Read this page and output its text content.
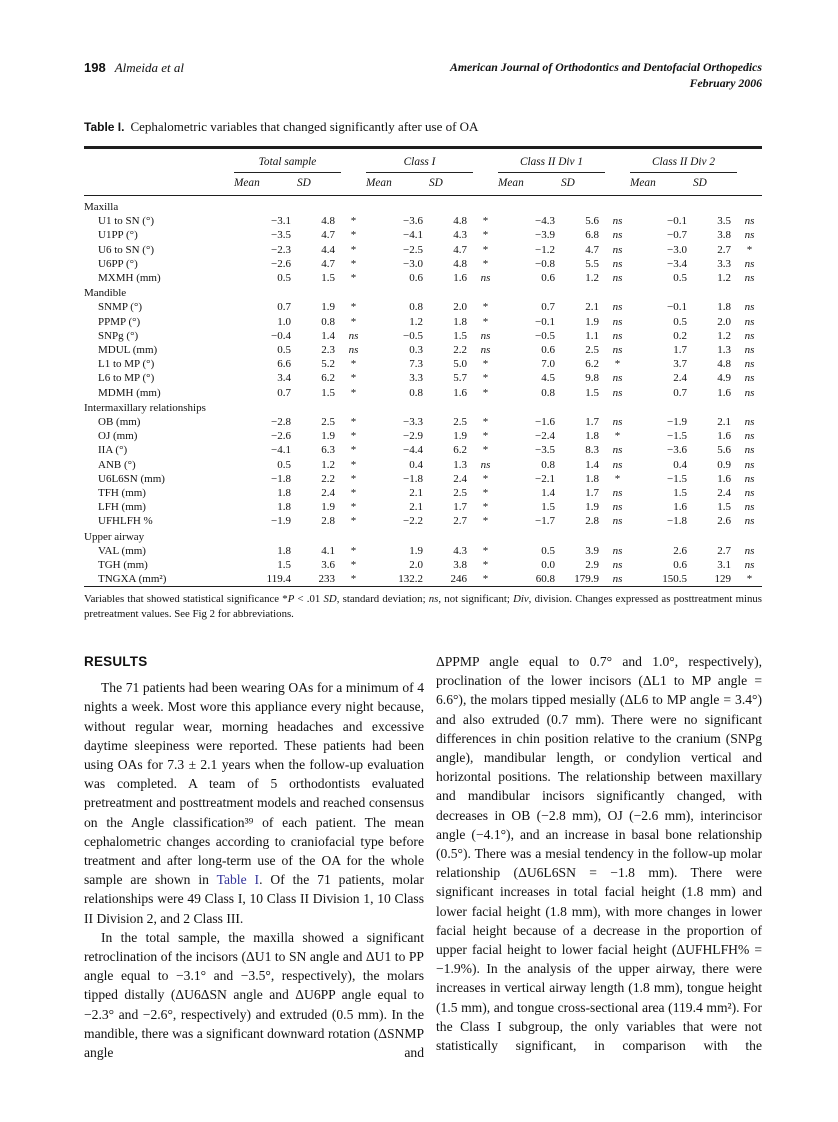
198 Almeida et al	American Journal of Orthodontics and Dentofacial Orthopedics
February 2006
Table I. Cephalometric variables that changed significantly after use of OA
Total sample	Class I	Class II Div 1	Class II Div 2
Mean	SD	Mean	SD	Mean	SD	Mean	SD
Maxilla
U1 to SN (°)	−3.1	4.8	*	−3.6	4.8	*	−4.3	5.6	ns	−0.1	3.5	ns
U1PP (°)	−3.5	4.7	*	−4.1	4.3	*	−3.9	6.8	ns	−0.7	3.8	ns
U6 to SN (°)	−2.3	4.4	*	−2.5	4.7	*	−1.2	4.7	ns	−3.0	2.7	*
U6PP (°)	−2.6	4.7	*	−3.0	4.8	*	−0.8	5.5	ns	−3.4	3.3	ns
MXMH (mm)	0.5	1.5	*	0.6	1.6	ns	0.6	1.2	ns	0.5	1.2	ns
Mandible
SNMP (°)	0.7	1.9	*	0.8	2.0	*	0.7	2.1	ns	−0.1	1.8	ns
PPMP (°)	1.0	0.8	*	1.2	1.8	*	−0.1	1.9	ns	0.5	2.0	ns
SNPg (°)	−0.4	1.4	ns	−0.5	1.5	ns	−0.5	1.1	ns	0.2	1.2	ns
MDUL (mm)	0.5	2.3	ns	0.3	2.2	ns	0.6	2.5	ns	1.7	1.3	ns
L1 to MP (°)	6.6	5.2	*	7.3	5.0	*	7.0	6.2	*	3.7	4.8	ns
L6 to MP (°)	3.4	6.2	*	3.3	5.7	*	4.5	9.8	ns	2.4	4.9	ns
MDMH (mm)	0.7	1.5	*	0.8	1.6	*	0.8	1.5	ns	0.7	1.6	ns
Intermaxillary relationships
OB (mm)	−2.8	2.5	*	−3.3	2.5	*	−1.6	1.7	ns	−1.9	2.1	ns
OJ (mm)	−2.6	1.9	*	−2.9	1.9	*	−2.4	1.8	*	−1.5	1.6	ns
IIA (°)	−4.1	6.3	*	−4.4	6.2	*	−3.5	8.3	ns	−3.6	5.6	ns
ANB (°)	0.5	1.2	*	0.4	1.3	ns	0.8	1.4	ns	0.4	0.9	ns
U6L6SN (mm)	−1.8	2.2	*	−1.8	2.4	*	−2.1	1.8	*	−1.5	1.6	ns
TFH (mm)	1.8	2.4	*	2.1	2.5	*	1.4	1.7	ns	1.5	2.4	ns
LFH (mm)	1.8	1.9	*	2.1	1.7	*	1.5	1.9	ns	1.6	1.5	ns
UFHLFH %	−1.9	2.8	*	−2.2	2.7	*	−1.7	2.8	ns	−1.8	2.6	ns
Upper airway
VAL (mm)	1.8	4.1	*	1.9	4.3	*	0.5	3.9	ns	2.6	2.7	ns
TGH (mm)	1.5	3.6	*	2.0	3.8	*	0.0	2.9	ns	0.6	3.1	ns
TNGXA (mm²)	119.4	233	*	132.2	246	*	60.8	179.9	ns	150.5	129	*
Variables that showed statistical significance *P < .01 SD, standard deviation; ns, not significant; Div, division. Changes expressed as posttreatment minus pretreatment values. See Fig 2 for abbreviations.
RESULTS

The 71 patients had been wearing OAs for a minimum of 4 nights a week. Most wore this appliance every night because, without regular wear, morning headaches and excessive daytime sleepiness were reported. These patients had been using OAs for 7.3 ± 2.1 years when the follow-up evaluation was completed. A team of 5 orthodontists evaluated pretreatment and posttreatment models and reached consensus on the Angle classification³⁹ of each patient. The mean cephalometric changes according to craniofacial type before treatment and after long-term use of the OA for the whole sample are shown in Table I. Of the 71 patients, molar relationships were 49 Class I, 10 Class II Division 1, 10 Class II Division 2, and 2 Class III.

In the total sample, the maxilla showed a significant retroclination of the incisors (ΔU1 to SN angle and ΔU1 to PP angle equal to −3.1° and −3.5°, respectively), the molars tipped distally (ΔU6ΔSN angle and ΔU6PP angle equal to −2.3° and −2.6°, respectively) and extruded (0.5 mm). In the mandible, there was a significant downward rotation (ΔSNMP angle and

ΔPPMP angle equal to 0.7° and 1.0°, respectively), proclination of the lower incisors (ΔL1 to MP angle = 6.6°), the molars tipped mesially (ΔL6 to MP angle = 3.4°) and also extruded (0.7 mm). There were no significant differences in chin position relative to the cranium (SNPg angle), mandibular length, or condylion vertical and horizontal positions. The relationship between maxillary and mandibular incisors significantly changed, with decreases in OB (−2.8 mm), OJ (−2.6 mm), interincisor angle (−4.1°), and an increase in basal bone relationship (0.5°). There was a mesial tendency in the follow-up molar relationship (ΔU6L6SN = −1.8 mm). There were significant increases in total facial height (1.8 mm) and lower facial height (1.8 mm), with more changes in lower facial height because of a decrease in the proportion of upper facial height to lower facial height (ΔUFHLFH% = −1.9%). In the analysis of the upper airway, there were increases in vertical airway length (1.8 mm), tongue height (1.5 mm), and tongue cross-sectional area (119.4 mm²). For the Class I subgroup, the only variables that were not statistically significant, in comparison with the
